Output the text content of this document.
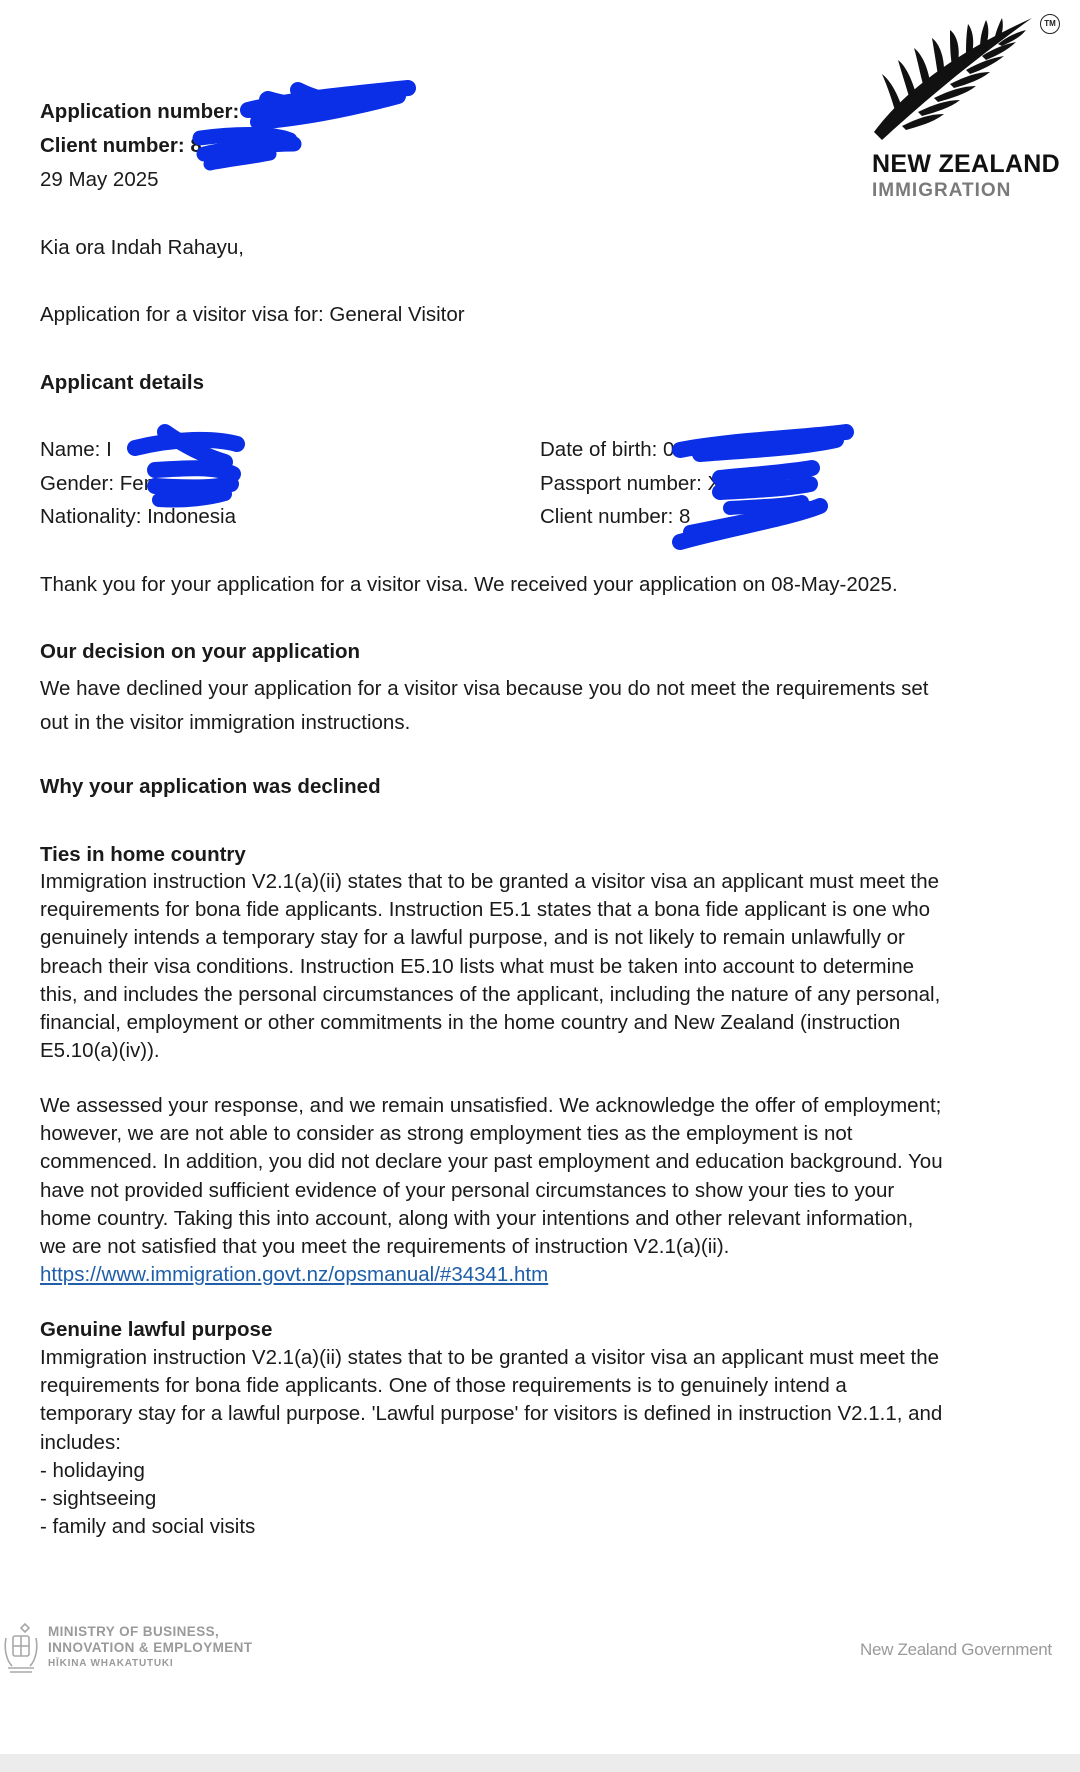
TM
NEW ZEALAND
IMMIGRATION
Application number: V
Client number: 8
29 May 2025
Kia ora Indah Rahayu,
Application for a visitor visa for: General Visitor
Applicant details
Name: I
Gender: Fem
Nationality: Indonesia
Date of birth: 04
Passport number: X
Client number: 8
Thank you for your application for a visitor visa. We received your application on 08-May-2025.
Our decision on your application
We have declined your application for a visitor visa because you do not meet the requirements set
out in the visitor immigration instructions.
Why your application was declined
Ties in home country
Immigration instruction V2.1(a)(ii) states that to be granted a visitor visa an applicant must meet the
requirements for bona fide applicants. Instruction E5.1 states that a bona fide applicant is one who
genuinely intends a temporary stay for a lawful purpose, and is not likely to remain unlawfully or
breach their visa conditions. Instruction E5.10 lists what must be taken into account to determine
this, and includes the personal circumstances of the applicant, including the nature of any personal,
financial, employment or other commitments in the home country and New Zealand (instruction
E5.10(a)(iv)).
We assessed your response, and we remain unsatisfied. We acknowledge the offer of employment;
however, we are not able to consider as strong employment ties as the employment is not
commenced. In addition, you did not declare your past employment and education background. You
have not provided sufficient evidence of your personal circumstances to show your ties to your
home country. Taking this into account, along with your intentions and other relevant information,
we are not satisfied that you meet the requirements of instruction V2.1(a)(ii).
https://www.immigration.govt.nz/opsmanual/#34341.htm
Genuine lawful purpose
Immigration instruction V2.1(a)(ii) states that to be granted a visitor visa an applicant must meet the
requirements for bona fide applicants. One of those requirements is to genuinely intend a
temporary stay for a lawful purpose. 'Lawful purpose' for visitors is defined in instruction V2.1.1, and
includes:
- holidaying
- sightseeing
- family and social visits
MINISTRY OF BUSINESS,
INNOVATION & EMPLOYMENT
HĪKINA WHAKATUTUKI
New Zealand Government
